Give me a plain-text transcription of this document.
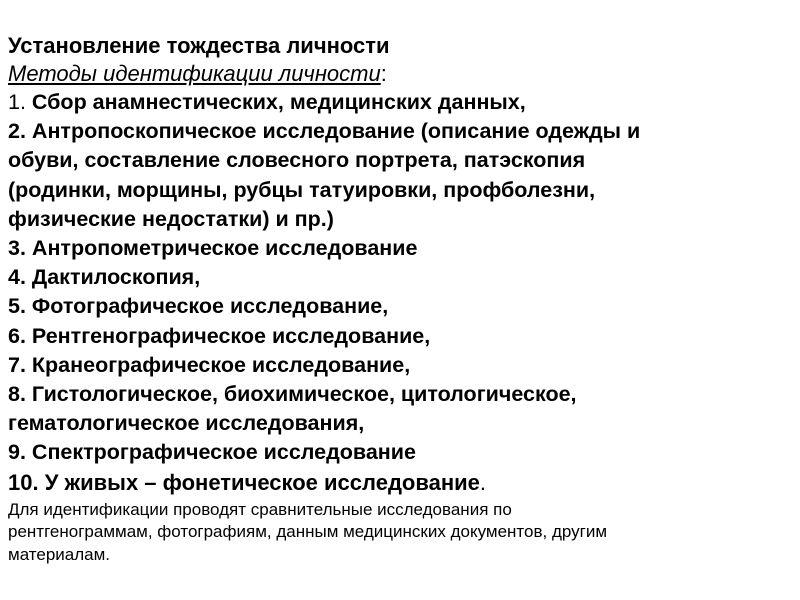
Установление тождества личности
Методы идентификации личности:
1. Сбор анамнестических, медицинских данных,
2. Антропоскопическое исследование (описание одежды и
обуви, составление словесного портрета, патэскопия
(родинки, морщины, рубцы татуировки, профболезни,
физические недостатки) и пр.)
3. Антропометрическое исследование
4. Дактилоскопия,
5. Фотографическое исследование,
6. Рентгенографическое исследование,
7. Кранеографическое исследование,
8. Гистологическое, биохимическое, цитологическое,
гематологическое исследования,
9. Спектрографическое исследование
10. У живых – фонетическое исследование.
Для идентификации проводят сравнительные исследования по
рентгенограммам, фотографиям, данным медицинских документов, другим
материалам.
